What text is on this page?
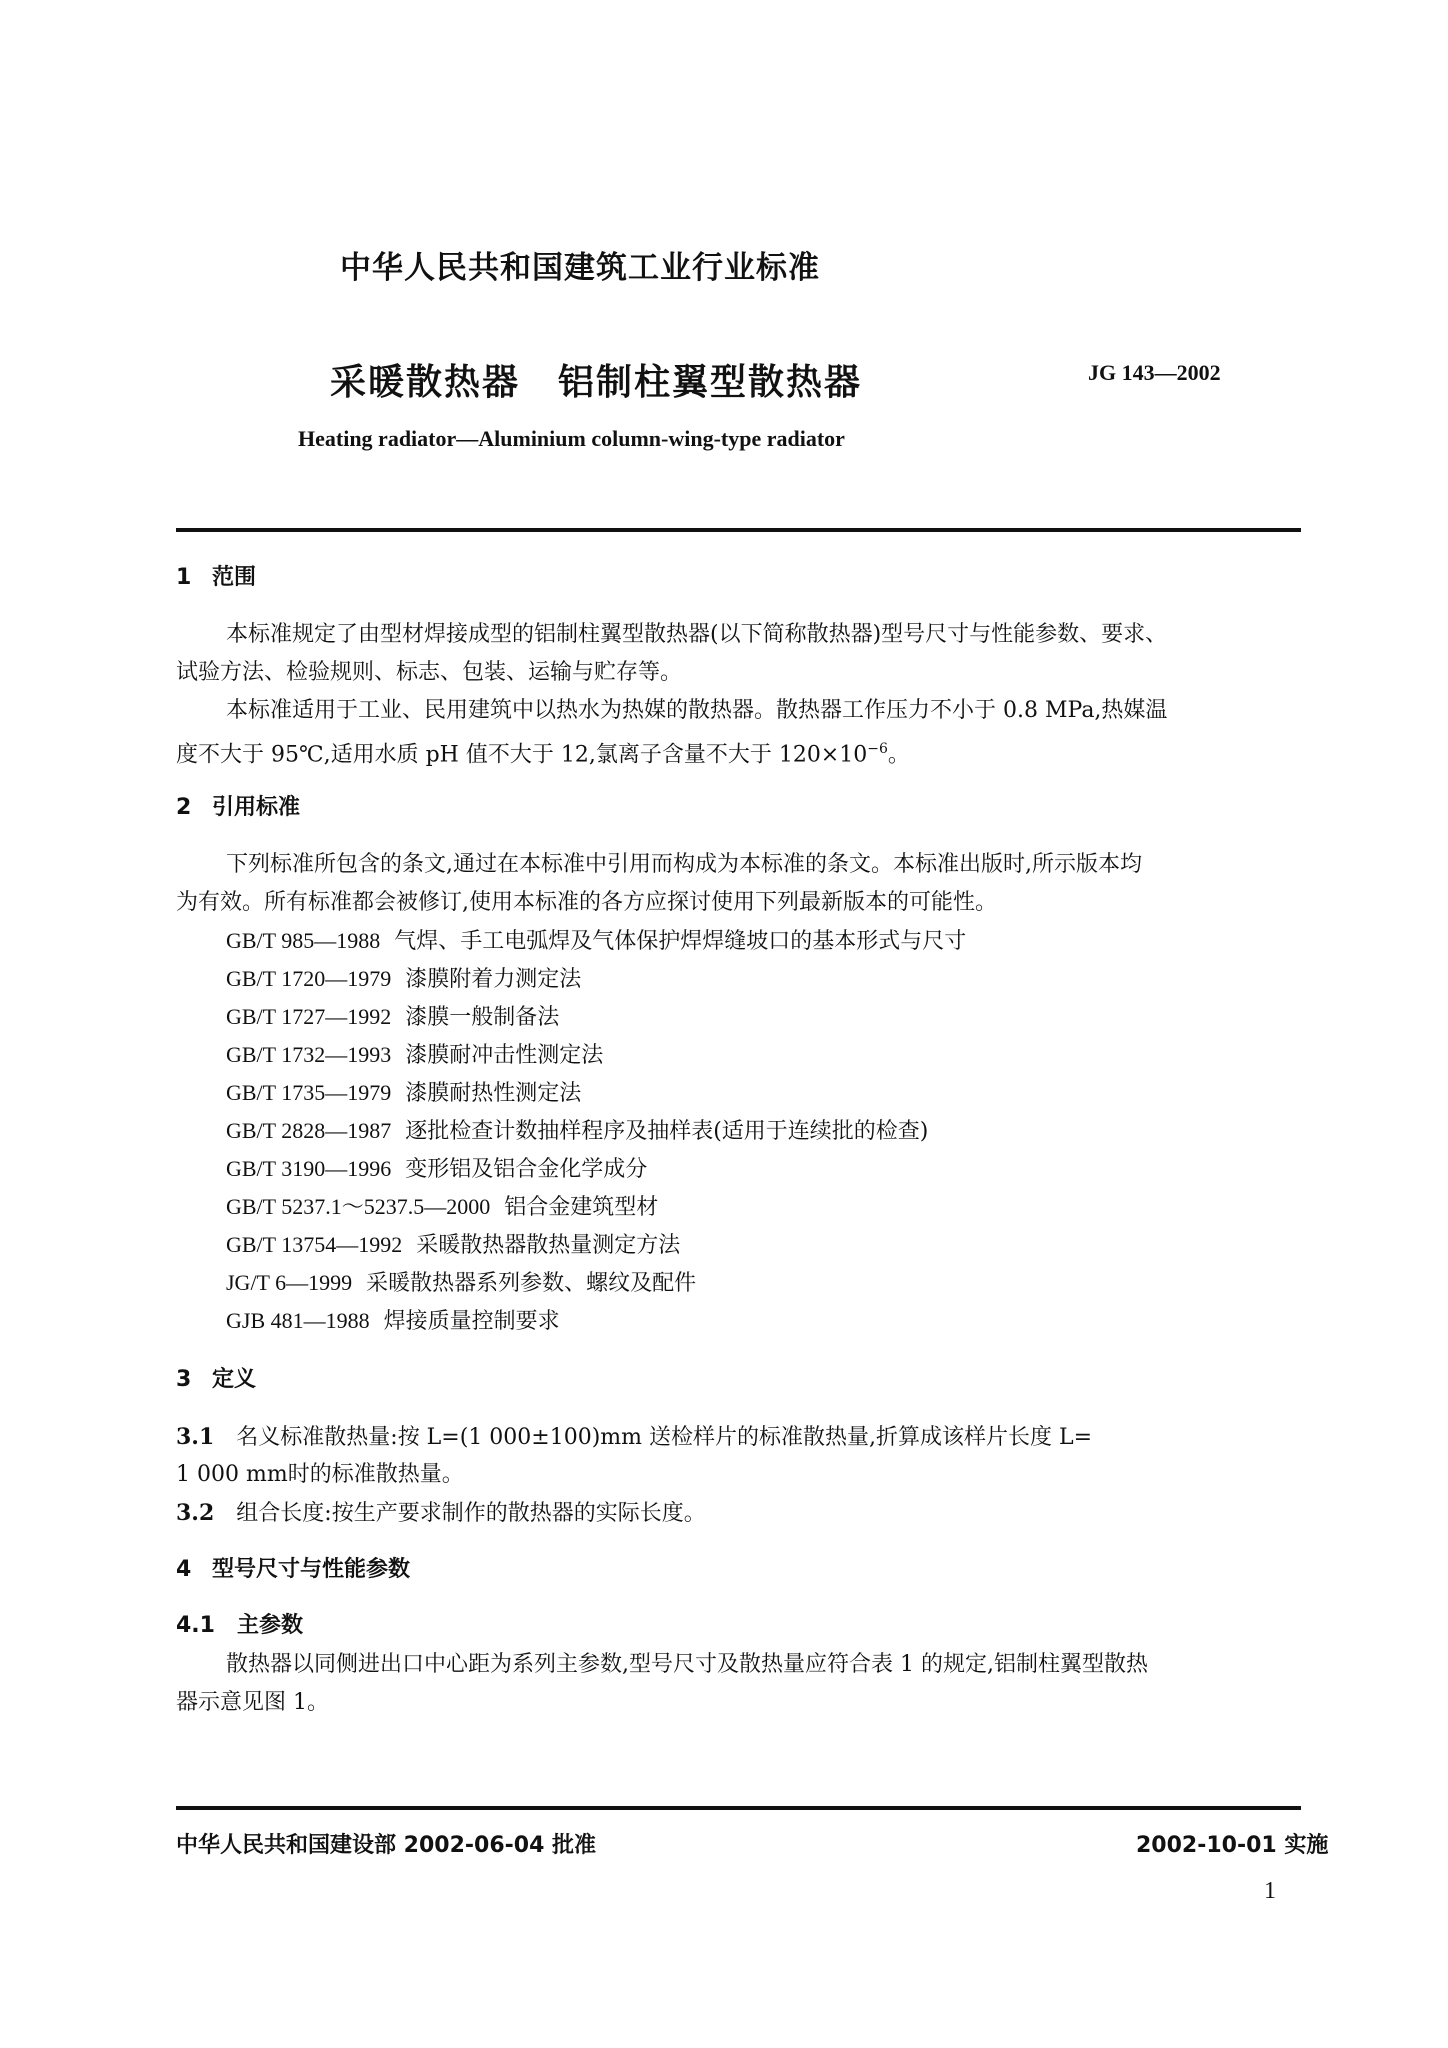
中华人民共和国建筑工业行业标准
采暖散热器　铝制柱翼型散热器	JG 143—2002
Heating radiator—Aluminium column-wing-type radiator
1 范围
本标准规定了由型材焊接成型的铝制柱翼型散热器(以下简称散热器)型号尺寸与性能参数、要求、
试验方法、检验规则、标志、包装、运输与贮存等。
本标准适用于工业、民用建筑中以热水为热媒的散热器。散热器工作压力不小于 0.8 MPa,热媒温
度不大于 95℃,适用水质 pH 值不大于 12,氯离子含量不大于 $120\times 10^{-6}$。
2 引用标准
下列标准所包含的条文,通过在本标准中引用而构成为本标准的条文。本标准出版时,所示版本均
为有效。所有标准都会被修订,使用本标准的各方应探讨使用下列最新版本的可能性。
GB/T 985—1988 气焊、手工电弧焊及气体保护焊焊缝坡口的基本形式与尺寸
GB/T 1720—1979 漆膜附着力测定法
GB/T 1727—1992 漆膜一般制备法
GB/T 1732—1993 漆膜耐冲击性测定法
GB/T 1735—1979 漆膜耐热性测定法
GB/T 2828—1987 逐批检查计数抽样程序及抽样表(适用于连续批的检查)
GB/T 3190—1996 变形铝及铝合金化学成分
GB/T 5237.1～5237.5—2000 铝合金建筑型材
GB/T 13754—1992 采暖散热器散热量测定方法
JG/T 6—1999 采暖散热器系列参数、螺纹及配件
GJB 481—1988 焊接质量控制要求
3 定义
3.1 名义标准散热量:按 L=(1 000±100)mm 送检样片的标准散热量,折算成该样片长度 L=
1 000 mm时的标准散热量。
3.2 组合长度:按生产要求制作的散热器的实际长度。
4 型号尺寸与性能参数
4.1 主参数
散热器以同侧进出口中心距为系列主参数,型号尺寸及散热量应符合表 1 的规定,铝制柱翼型散热
器示意见图 1。
中华人民共和国建设部 2002-06-04 批准	2002-10-01 实施
1
